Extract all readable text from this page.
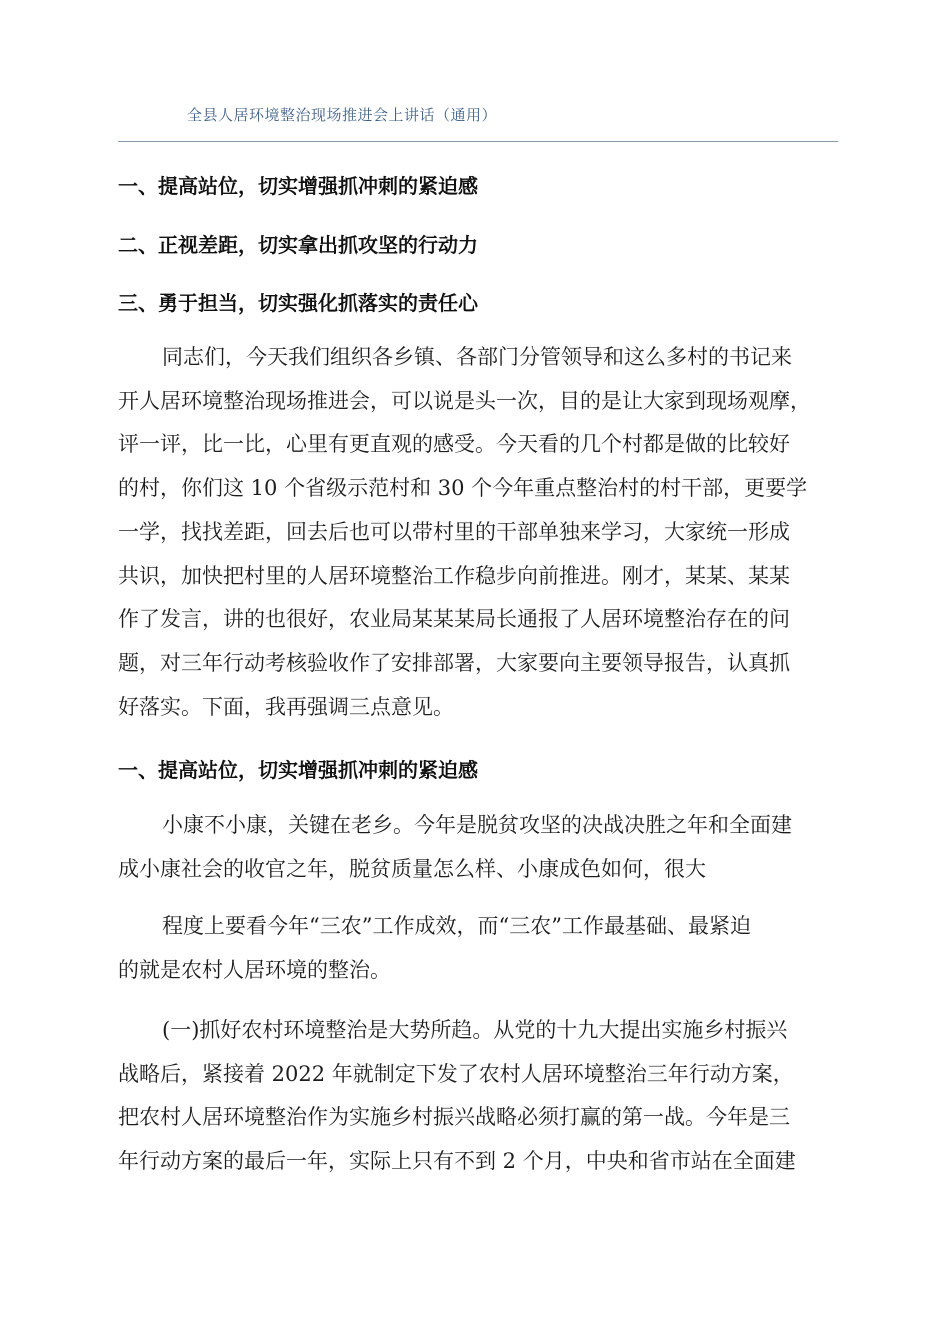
全县人居环境整治现场推进会上讲话（通用）
一、提高站位，切实增强抓冲刺的紧迫感
二、正视差距，切实拿出抓攻坚的行动力
三、勇于担当，切实强化抓落实的责任心
同志们，今天我们组织各乡镇、各部门分管领导和这么多村的书记来
开人居环境整治现场推进会，可以说是头一次，目的是让大家到现场观摩，
评一评，比一比，心里有更直观的感受。今天看的几个村都是做的比较好
的村，你们这 10 个省级示范村和 30 个今年重点整治村的村干部，更要学
一学，找找差距，回去后也可以带村里的干部单独来学习，大家统一形成
共识，加快把村里的人居环境整治工作稳步向前推进。刚才，某某、某某
作了发言，讲的也很好，农业局某某某局长通报了人居环境整治存在的问
题，对三年行动考核验收作了安排部署，大家要向主要领导报告，认真抓
好落实。下面，我再强调三点意见。
一、提高站位，切实增强抓冲刺的紧迫感
小康不小康，关键在老乡。今年是脱贫攻坚的决战决胜之年和全面建
成小康社会的收官之年，脱贫质量怎么样、小康成色如何，很大
程度上要看今年“三农”工作成效，而“三农”工作最基础、最紧迫
的就是农村人居环境的整治。
(一)抓好农村环境整治是大势所趋。从党的十九大提出实施乡村振兴
战略后，紧接着 2022 年就制定下发了农村人居环境整治三年行动方案，
把农村人居环境整治作为实施乡村振兴战略必须打赢的第一战。今年是三
年行动方案的最后一年，实际上只有不到 2 个月，中央和省市站在全面建
